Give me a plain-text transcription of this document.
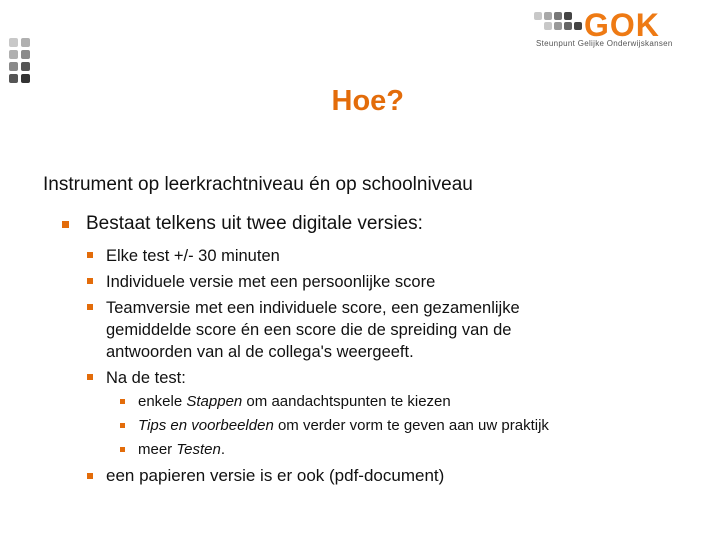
GOK
Steunpunt Gelijke Onderwijskansen
Hoe?
Instrument op leerkrachtniveau én op schoolniveau
Bestaat telkens uit twee digitale versies:
Elke test +/- 30 minuten
Individuele versie met een persoonlijke score
Teamversie met een individuele score, een gezamenlijke
gemiddelde score én een score die de spreiding van de
antwoorden van al de collega's weergeeft.
Na de test:
enkele Stappen om aandachtspunten te kiezen
Tips en voorbeelden om verder vorm te geven aan uw praktijk
meer Testen.
een papieren versie is er ook (pdf-document)
